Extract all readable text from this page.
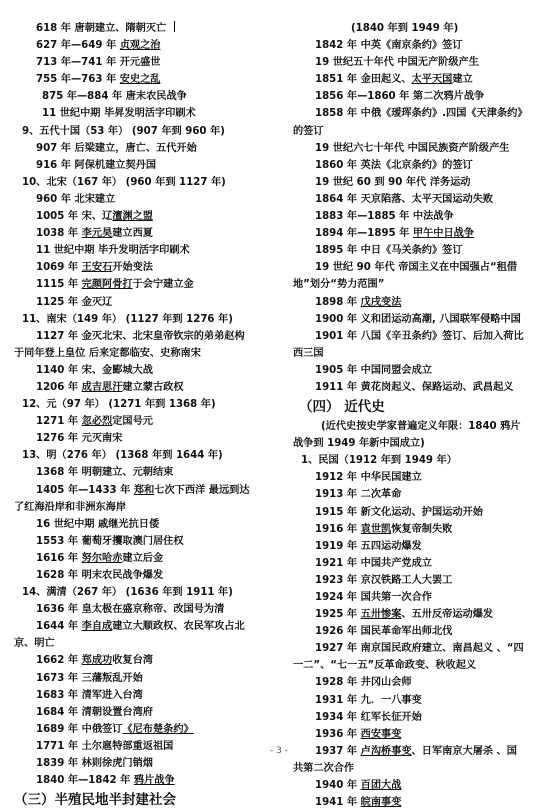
618 年 唐朝建立、隋朝灭亡
627 年—649 年 贞观之治
713 年—741 年 开元盛世
755 年—763 年 安史之乱
875 年—884 年 唐末农民战争
11 世纪中期 毕昇发明活字印刷术
9、五代十国（53 年） (907 年到 960 年)
907 年 后梁建立，唐亡、五代开始
916 年 阿保机建立契丹国
10、北宋（167 年） (960 年到 1127 年)
960 年 北宋建立
1005 年 宋、辽澶渊之盟
1038 年 李元昊建立西夏
11 世纪中期 毕升发明活字印刷术
1069 年 王安石开始变法
1115 年 完颜阿骨打于会宁建立金
1125 年 金灭辽
11、南宋（149 年） (1127 年到 1276 年)
1127 年 金灭北宋、北宋皇帝钦宗的弟弟赵构
于同年登上皇位 后来定都临安、史称南宋
1140 年 宋、金郾城大战
1206 年 成吉思汗建立蒙古政权
12、元（97 年） (1271 年到 1368 年)
1271 年 忽必烈定国号元
1276 年 元灭南宋
13、明（276 年） (1368 年到 1644 年)
1368 年 明朝建立、元朝结束
1405 年—1433 年 郑和七次下西洋 最远到达
了红海沿岸和非洲东海岸
16 世纪中期 戚继光抗日倭
1553 年 葡萄牙攫取澳门居住权
1616 年 努尔哈赤建立后金
1628 年 明末农民战争爆发
14、满清（267 年） (1636 年到 1911 年)
1636 年 皇太极在盛京称帝、改国号为清
1644 年 李自成建立大顺政权、农民军攻占北
京、明亡
1662 年 郑成功收复台湾
1673 年 三藩叛乱开始
1683 年 清军进入台湾
1684 年 清朝设置台湾府
1689 年 中俄签订《尼布楚条约》
1771 年 土尔扈特部重返祖国
1839 年 林则徐虎门销烟
1840 年—1842 年 鸦片战争
（三）半殖民地半封建社会
(1840 年到 1949 年)
1842 年 中英《南京条约》签订
19 世纪五十年代 中国无产阶级产生
1851 年 金田起义、太平天国建立
1856 年—1860 年 第二次鸦片战争
1858 年 中俄《瑷珲条约》.四国《天津条约》
的签订
19 世纪六七十年代 中国民族资产阶级产生
1860 年 英法《北京条约》的签订
19 世纪 60 到 90 年代 洋务运动
1864 年 天京陷落、太平天国运动失败
1883 年—1885 年 中法战争
1894 年—1895 年 甲午中日战争
1895 年 中日《马关条约》签订
19 世纪 90 年代 帝国主义在中国强占“租借
地”划分“势力范围”
1898 年 戊戌变法
1900 年 义和团运动高潮, 八国联军侵略中国
1901 年 八国《辛丑条约》签订、后加入荷比
西三国
1905 年 中国同盟会成立
1911 年 黄花岗起义、保路运动、武昌起义
（四） 近代史
(近代史按史学家普遍定义年限：1840 鸦片
战争到 1949 年新中国成立)
1、民国（1912 年到 1949 年）
1912 年 中华民国建立
1913 年 二次革命
1915 年 新文化运动、护国运动开始
1916 年 袁世凯恢复帝制失败
1919 年 五四运动爆发
1921 年 中国共产党成立
1923 年 京汉铁路工人大罢工
1924 年 国共第一次合作
1925 年 五卅惨案、五卅反帝运动爆发
1926 年 国民革命军出师北伐
1927 年 南京国民政府建立、南昌起义 、“四
一二”、“七一五”反革命政变、秋收起义
1928 年 井冈山会师
1931 年 九．一八事变
1934 年 红军长征开始
1936 年 西安事变
1937 年 卢沟桥事变、日军南京大屠杀 、国
共第二次合作
1940 年 百团大战
1941 年 皖南事变
- 3 -
